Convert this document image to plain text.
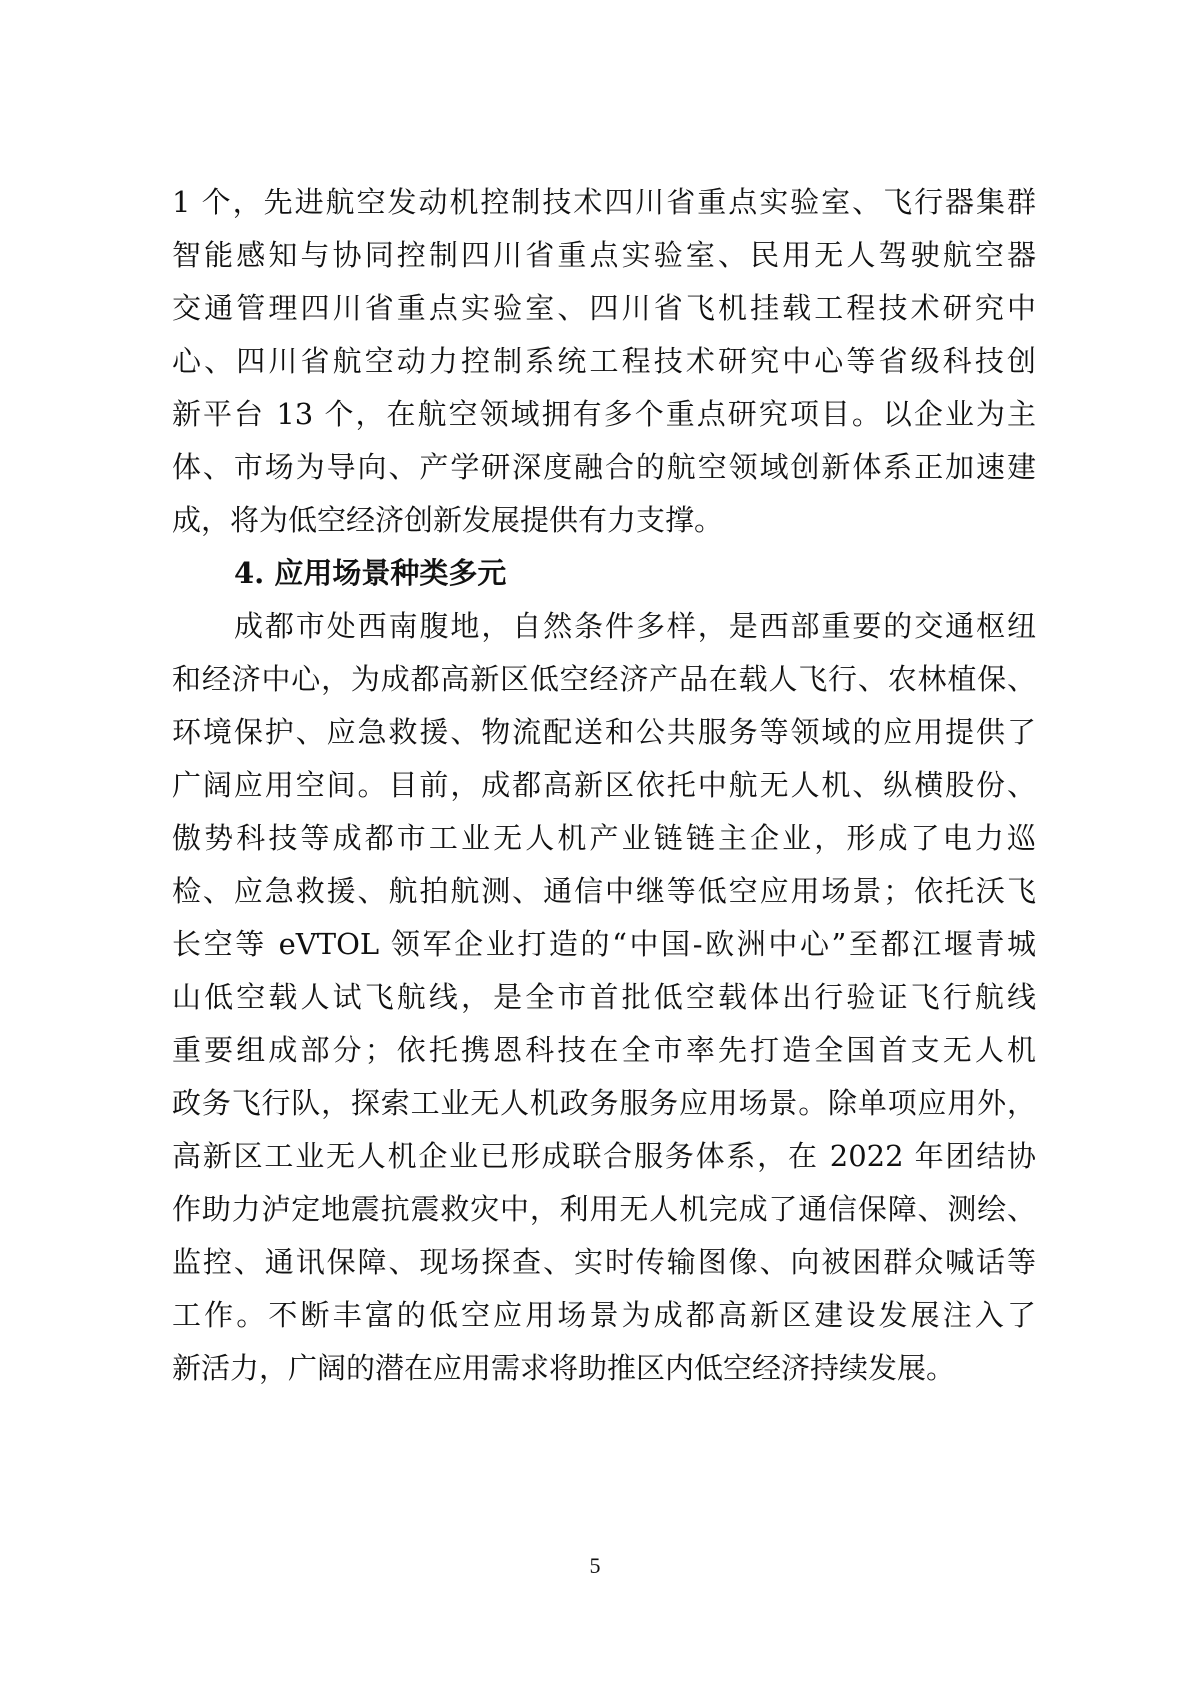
1 个，先进航空发动机控制技术四川省重点实验室、飞行器集群
智能感知与协同控制四川省重点实验室、民用无人驾驶航空器
交通管理四川省重点实验室、四川省飞机挂载工程技术研究中
心、四川省航空动力控制系统工程技术研究中心等省级科技创
新平台 13 个，在航空领域拥有多个重点研究项目。以企业为主
体、市场为导向、产学研深度融合的航空领域创新体系正加速建
成，将为低空经济创新发展提供有力支撑。
4. 应用场景种类多元
成都市处西南腹地，自然条件多样，是西部重要的交通枢纽
和经济中心，为成都高新区低空经济产品在载人飞行、农林植保、
环境保护、应急救援、物流配送和公共服务等领域的应用提供了
广阔应用空间。目前，成都高新区依托中航无人机、纵横股份、
傲势科技等成都市工业无人机产业链链主企业，形成了电力巡
检、应急救援、航拍航测、通信中继等低空应用场景；依托沃飞
长空等 eVTOL 领军企业打造的“中国-欧洲中心”至都江堰青城
山低空载人试飞航线，是全市首批低空载体出行验证飞行航线
重要组成部分；依托携恩科技在全市率先打造全国首支无人机
政务飞行队，探索工业无人机政务服务应用场景。除单项应用外，
高新区工业无人机企业已形成联合服务体系，在 2022 年团结协
作助力泸定地震抗震救灾中，利用无人机完成了通信保障、测绘、
监控、通讯保障、现场探查、实时传输图像、向被困群众喊话等
工作。不断丰富的低空应用场景为成都高新区建设发展注入了
新活力，广阔的潜在应用需求将助推区内低空经济持续发展。
5
